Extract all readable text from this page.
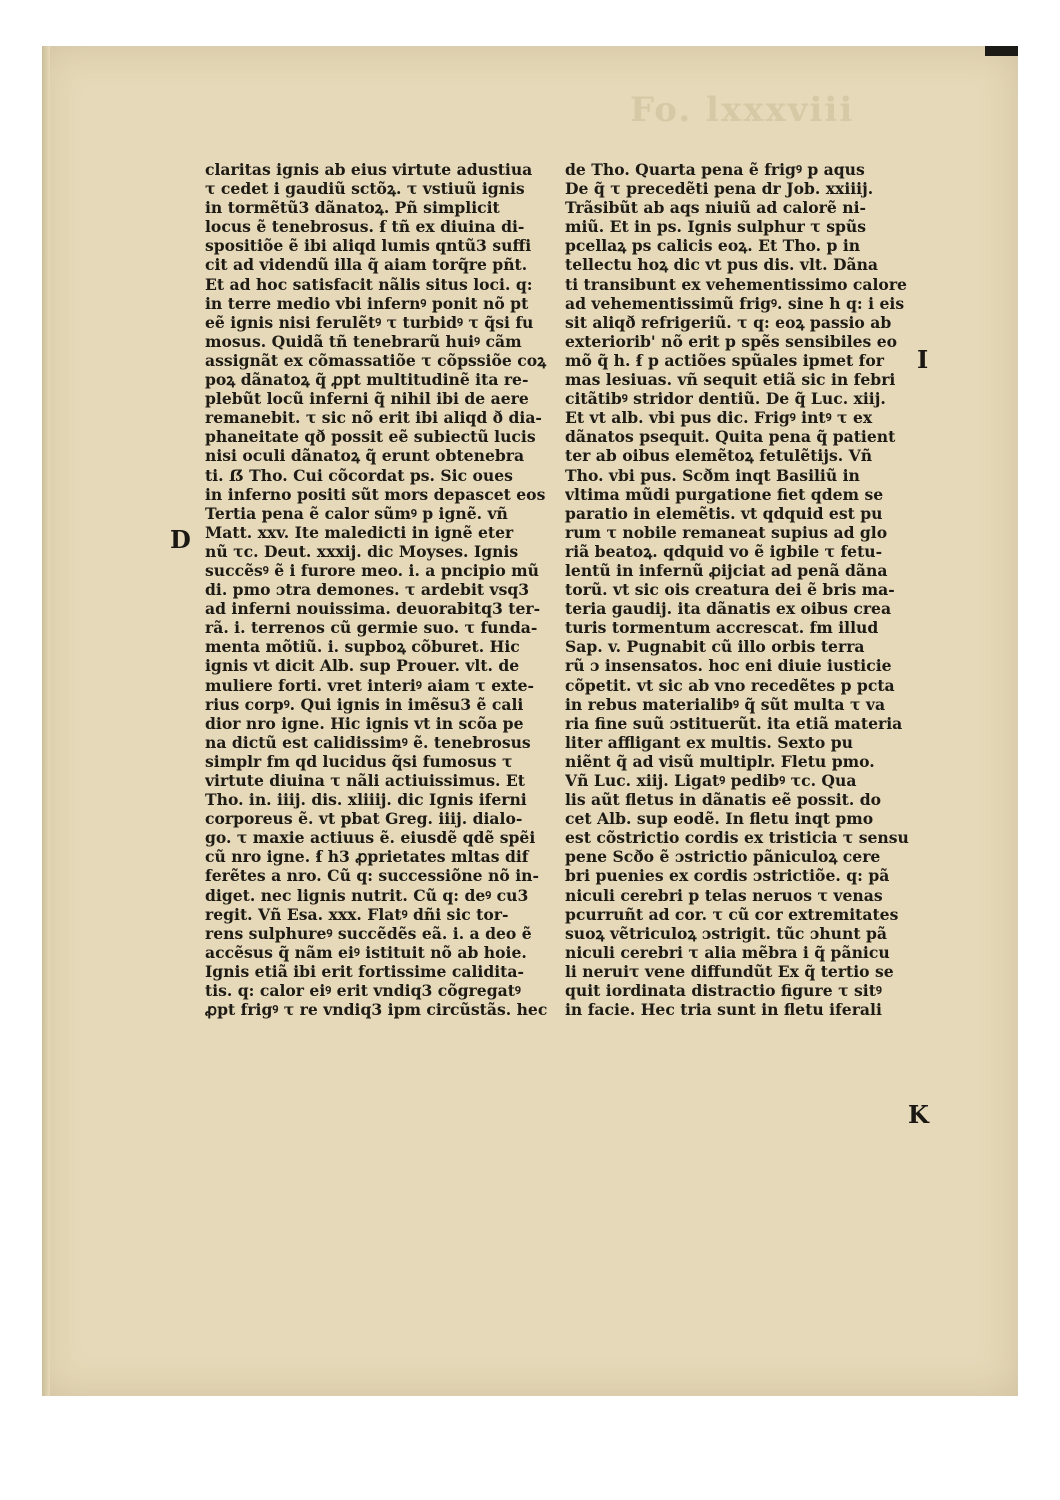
Fo. lxxxviii
claritas ignis ab eius virtute adustiua
τ cedet i gaudiũ sctõꝝ. τ vstiuũ ignis
in tormẽtũ3 dãnatoꝝ. Pñ simplicit
locus ẽ tenebrosus. ẜ tñ ex diuina di-
spositiõe ẽ ibi aliqd lumis qntũ3 suffi
cit ad videndũ illa q̃ aiam torq̃re pñt.
Et ad hoc satisfacit nãlis situs loci. q:
in terre medio vbi infernꝰ ponit nõ pt
eẽ ignis nisi ferulẽtꝰ τ turbidꝰ τ q̃si fu
mosus. Quidã tñ tenebrarũ huiꝰ cãm
assignãt ex cõmassatiõe τ cõpssiõe coꝝ
poꝝ dãnatoꝝ q̃ ꝓpt multitudinẽ ita re-
plebũt locũ inferni q̃ nihil ibi de aere
remanebit. τ sic nõ erit ibi aliqd ð dia-
phaneitate qð possit eẽ subiectũ lucis
nisi oculi dãnatoꝝ q̃ erunt obtenebra
ti. ẞ Tho. Cui cõcordat ps. Sic oues
in inferno positi sũt mors depascet eos
Tertia pena ẽ calor sũmꝰ p ignẽ. vñ
Matt. xxv. Ite maledicti in ignẽ eter
nũ τc. Deut. xxxij. dic Moyses. Ignis
succẽsꝰ ẽ i furore meo. i. a pncipio mũ
di. pmo ɔtra demones. τ ardebit vsq3
ad inferni nouissima. deuorabitq3 ter-
rã. i. terrenos cũ germie suo. τ funda-
menta mõtiũ. i. supboꝝ cõburet. Hic
ignis vt dicit Alb. sup Prouer. vlt. de
muliere forti. vret interiꝰ aiam τ exte-
rius corpꝰ. Qui ignis in imẽsu3 ẽ cali
dior nro igne. Hic ignis vt in scõa pe
na dictũ est calidissimꝰ ẽ. tenebrosus
simplr fm qd lucidus q̃si fumosus τ
virtute diuina τ nãli actiuissimus. Et
Tho. in. iiij. dis. xliiij. dic Ignis iferni
corporeus ẽ. vt pbat Greg. iiij. dialo-
go. τ maxie actiuus ẽ. eiusdẽ qdẽ spẽi
cũ nro igne. ẜ h3 ꝓprietates mltas dif
ferẽtes a nro. Cũ q: successiõne nõ in-
diget. nec lignis nutrit. Cũ q: deꝰ cu3
regit. Vñ Esa. xxx. Flatꝰ dñi sic tor-
rens sulphureꝰ succẽdẽs eã. i. a deo ẽ
accẽsus q̃ nãm eiꝰ istituit nõ ab hoie.
Ignis etiã ibi erit fortissime calidita-
tis. q: calor eiꝰ erit vndiq3 cõgregatꝰ
ꝓpt frigꝰ τ re vndiq3 ipm circũstãs. hec
de Tho. Quarta pena ẽ frigꝰ p aqus
De q̃ τ precedẽti pena dr Job. xxiiij.
Trãsibũt ab aqs niuiũ ad calorẽ ni-
miũ. Et in ps. Ignis sulphur τ spũs
pcellaꝝ ps calicis eoꝝ. Et Tho. p in
tellectu hoꝝ dic vt pus dis. vlt. Dãna
ti transibunt ex vehementissimo calore
ad vehementissimũ frigꝰ. sine h q: i eis
sit aliqð refrigeriũ. τ q: eoꝝ passio ab
exteriorib' nõ erit p spẽs sensibiles eo
mõ q̃ h. ẜ p actiões spũales ipmet for
mas lesiuas. vñ sequit etiã sic in febri
citãtibꝰ stridor dentiũ. De q̃ Luc. xiij.
Et vt alb. vbi pus dic. Frigꝰ intꝰ τ ex
dãnatos psequit. Quita pena q̃ patient
ter ab oibus elemẽtoꝝ fetulẽtijs. Vñ
Tho. vbi pus. Scðm inqt Basiliũ in
vltima mũdi purgatione fiet qdem se
paratio in elemẽtis. vt qdquid est pu
rum τ nobile remaneat supius ad glo
riã beatoꝝ. qdquid vo ẽ igbile τ fetu-
lentũ in infernũ ꝓijciat ad penã dãna
torũ. vt sic ois creatura dei ẽ bris ma-
teria gaudij. ita dãnatis ex oibus crea
turis tormentum accrescat. fm illud
Sap. v. Pugnabit cũ illo orbis terra
rũ ɔ insensatos. hoc eni diuie iusticie
cõpetit. vt sic ab vno recedẽtes p pcta
in rebus materialibꝰ q̃ sũt multa τ va
ria fine suũ ɔstituerũt. ita etiã materia
liter affligant ex multis. Sexto pu
niẽnt q̃ ad visũ multiplr. Fletu pmo.
Vñ Luc. xiij. Ligatꝰ pedibꝰ τc. Qua
lis aũt fletus in dãnatis eẽ possit. do
cet Alb. sup eodẽ. In fletu inqt pmo
est cõstrictio cordis ex tristicia τ sensu
pene Scðo ẽ ɔstrictio pãniculoꝝ cere
bri puenies ex cordis ɔstrictiõe. q: pã
niculi cerebri p telas neruos τ venas
pcurruñt ad cor. τ cũ cor extremitates
suoꝝ vẽtriculoꝝ ɔstrigit. tũc ɔhunt pã
niculi cerebri τ alia mẽbra i q̃ pãnicu
li neruiτ vene diffundũt Ex q̃ tertio se
quit iordinata distractio figure τ sitꝰ
in facie. Hec tria sunt in fletu iferali
D
I
K
